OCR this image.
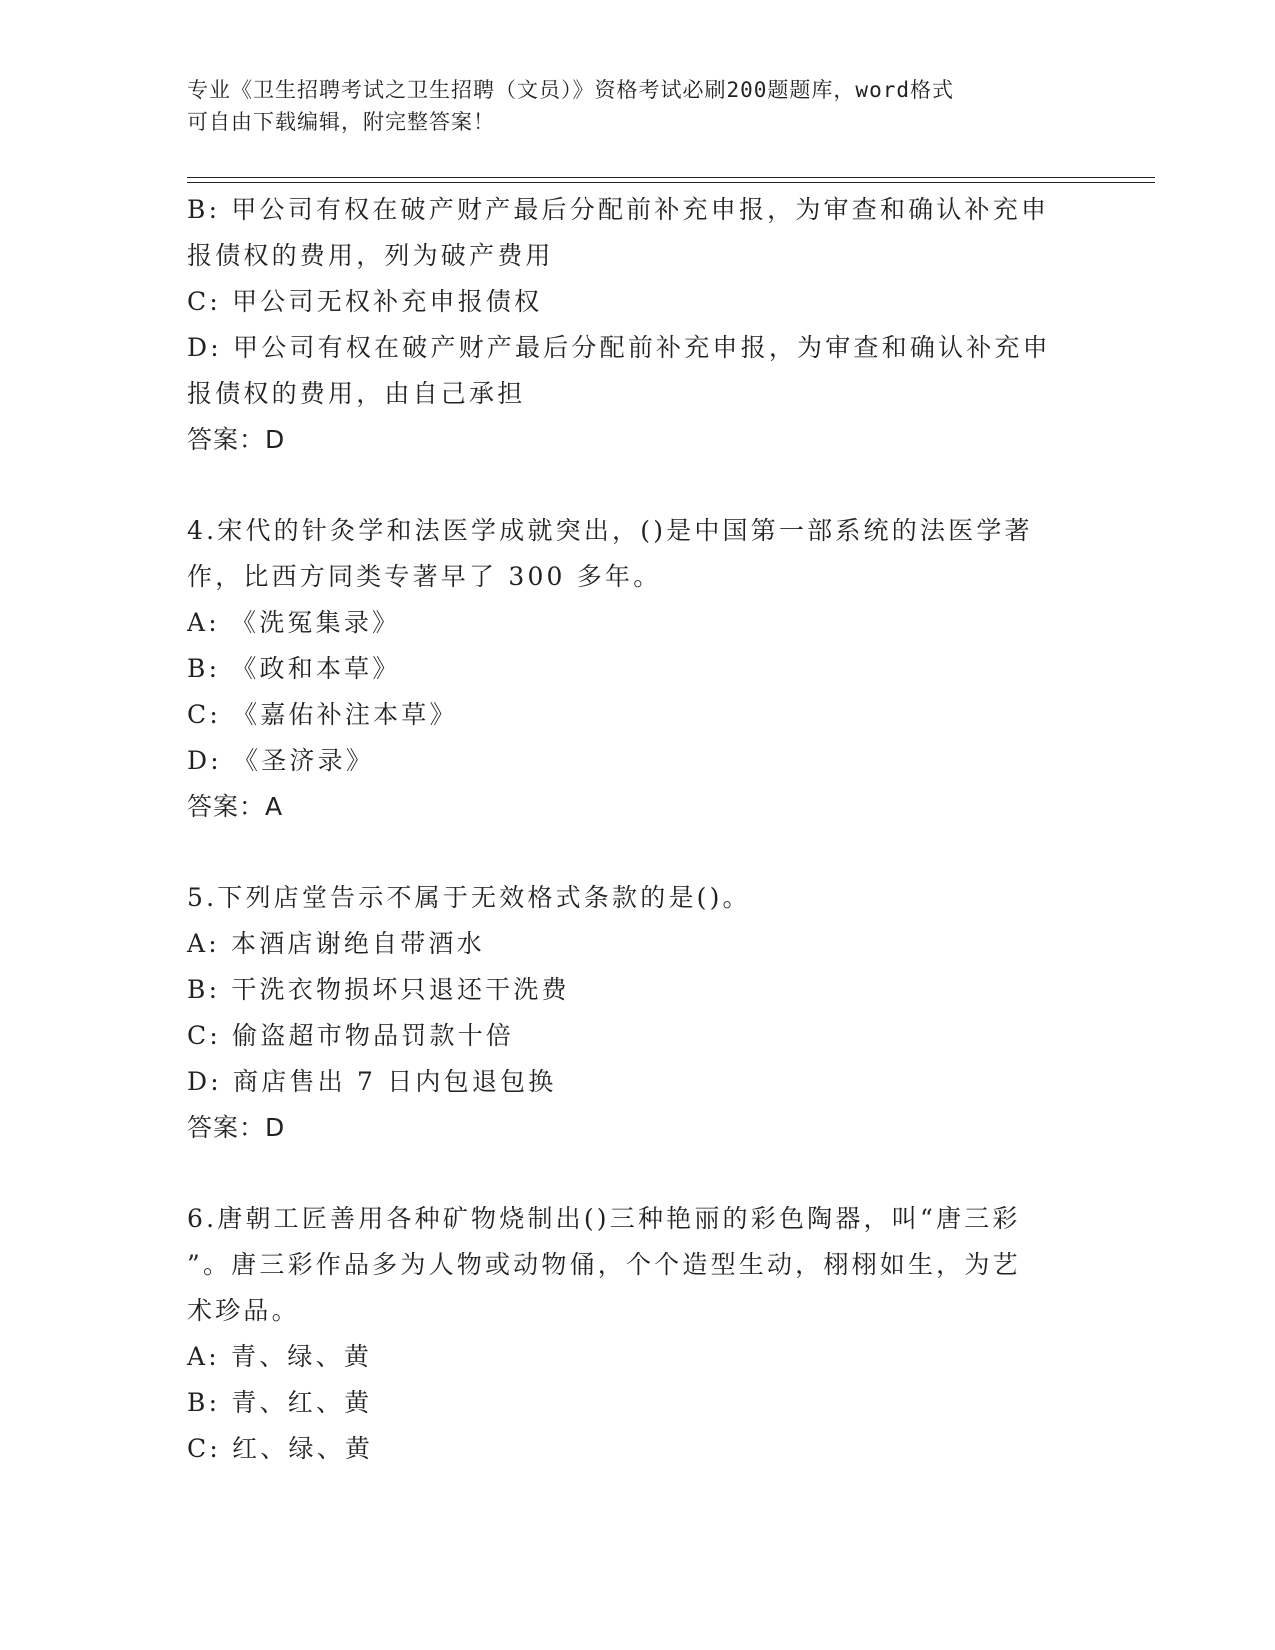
专业《卫生招聘考试之卫生招聘（文员）》资格考试必刷200题题库，word格式
可自由下载编辑，附完整答案！
B: 甲公司有权在破产财产最后分配前补充申报，为审查和确认补充申
报债权的费用，列为破产费用
C: 甲公司无权补充申报债权
D: 甲公司有权在破产财产最后分配前补充申报，为审查和确认补充申
报债权的费用，由自己承担
答案：D
4.宋代的针灸学和法医学成就突出，()是中国第一部系统的法医学著
作，比西方同类专著早了 300 多年。
A: 《洗冤集录》
B: 《政和本草》
C: 《嘉佑补注本草》
D: 《圣济录》
答案：A
5.下列店堂告示不属于无效格式条款的是()。
A: 本酒店谢绝自带酒水
B: 干洗衣物损坏只退还干洗费
C: 偷盗超市物品罚款十倍
D: 商店售出 7 日内包退包换
答案：D
6.唐朝工匠善用各种矿物烧制出()三种艳丽的彩色陶器，叫“唐三彩
”。唐三彩作品多为人物或动物俑，个个造型生动，栩栩如生，为艺
术珍品。
A: 青、绿、黄
B: 青、红、黄
C: 红、绿、黄
